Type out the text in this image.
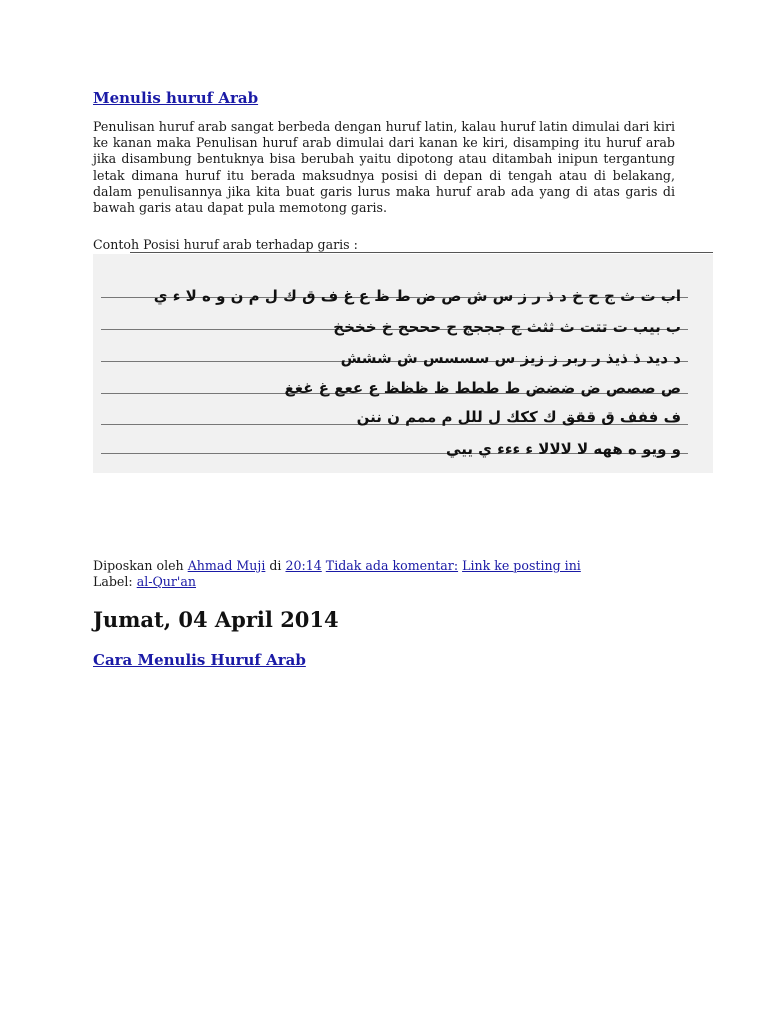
Menulis huruf Arab
Penulisan huruf arab sangat berbeda dengan huruf latin, kalau huruf latin dimulai dari kiri ke kanan maka Penulisan huruf arab dimulai dari kanan ke kiri, disamping itu huruf arab jika disambung bentuknya bisa berubah yaitu dipotong atau ditambah inipun tergantung letak dimana huruf itu berada maksudnya posisi di depan di tengah atau di belakang, dalam penulisannya jika kita buat garis lurus maka huruf arab ada yang di atas garis di bawah garis atau dapat pula memotong garis.
Contoh Posisi huruf arab terhadap garis :
اب ت ث ج ح خ د ذ ر ز س ش ص ض ط ظ ع غ ف ق ك ل م ن و ه لا ء ي
ب بيب ت تتت ث ثثث ج جججج ح حححح خ خخخخ
د ديد ذ ذيذ ر ربر ز زيز س سسسس ش ششش
ص صصص ض ضضض ط ططط ظ ظظظ ع ععع غ غغغ
ف ففف ق ققق ك ككك ل للل م ممم ن ننن
و ويو ه ههه لا لالالا ء ءءء ي ييي
Diposkan oleh Ahmad Muji di 20:14 Tidak ada komentar: Link ke posting ini
Label: al-Qur'an
Jumat, 04 April 2014
Cara Menulis Huruf Arab
